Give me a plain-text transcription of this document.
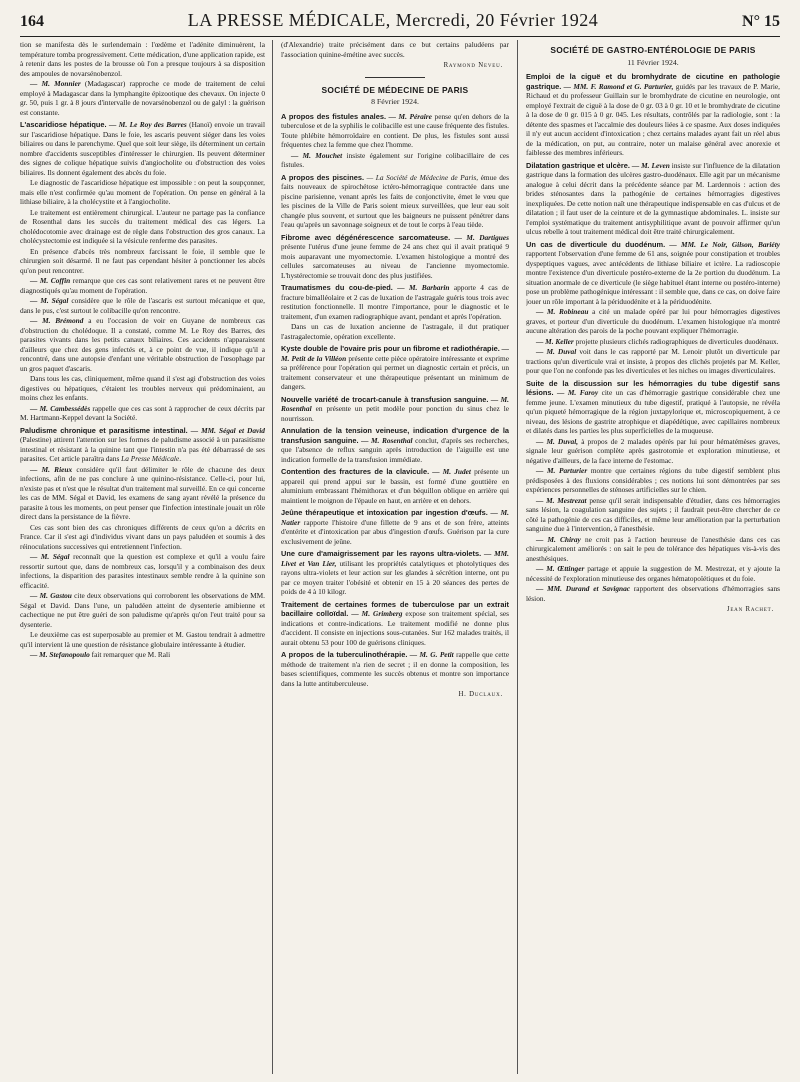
164	LA PRESSE MÉDICALE, Mercredi, 20 Février 1924	N° 15

tion se manifesta dès le surlendemain : l'œdème et l'adénite diminuèrent, la température tomba progressivement. Cette médication, d'une application rapide, est à retenir dans les postes de la brousse où l'on a presque toujours à sa disposition des ampoules de novarsénobenzol.

— M. Monnier (Madagascar) rapproche ce mode de traitement de celui employé à Madagascar dans la lymphangite épizootique des chevaux. On injecte 0 gr. 50, puis 1 gr. à 8 jours d'intervalle de novarsénobenzol ou de galyl : la guérison est constante.

L'ascaridiose hépatique. — M. Le Roy des Barres (Hanoï) envoie un travail sur l'ascaridiose hépatique. Dans le foie, les ascaris peuvent siéger dans les voies biliaires ou dans le parenchyme. Quel que soit leur siège, ils déterminent un certain nombre d'accidents susceptibles d'intéresser le chirurgien. Ils peuvent déterminer des signes de colique hépatique suivis d'angiocholite ou d'obstruction des voies biliaires. Ils donnent également des abcès du foie.

Le diagnostic de l'ascaridiose hépatique est impossible : on peut la soupçonner, mais elle n'est confirmée qu'au moment de l'opération. On pense en général à la lithiase biliaire, à la cholécystite et à l'angiocholite.

Le traitement est entièrement chirurgical. L'auteur ne partage pas la confiance de Rosenthal dans les succès du traitement médical des cas légers. La cholédocotomie avec drainage est de règle dans l'obstruction des gros canaux. La cholécystectomie est indiquée si la vésicule renferme des parasites.

En présence d'abcès très nombreux farcissant le foie, il semble que le chirurgien soit désarmé. Il ne faut pas cependant hésiter à ponctionner les abcès qu'on peut rencontrer.

— M. Coffin remarque que ces cas sont relativement rares et ne peuvent être diagnostiqués qu'au moment de l'opération.

— M. Ségal considère que le rôle de l'ascaris est surtout mécanique et que, dans le pus, c'est surtout le colibacille qu'on rencontre.

— M. Brémond a eu l'occasion de voir en Guyane de nombreux cas d'obstruction du cholédoque. Il a constaté, comme M. Le Roy des Barres, des parasites vivants dans les petits canaux biliaires. Ces accidents n'apparaissent d'ailleurs que chez des gens infectés et, à ce point de vue, il indique qu'il a rencontré, dans une autopsie d'enfant une véritable obstruction de l'œsophage par un gros paquet d'ascaris.

Dans tous les cas, cliniquement, même quand il s'est agi d'obstruction des voies digestives ou hépatiques, c'étaient les troubles nerveux qui prédominaient, au moins chez les enfants.

— M. Cambessédès rappelle que ces cas sont à rapprocher de ceux décrits par M. Hartmann-Keppel devant la Société.

Paludisme chronique et parasitisme intestinal. — MM. Ségal et David (Palestine) attirent l'attention sur les formes de paludisme associé à un parasitisme intestinal et résistant à la quinine tant que l'intestin n'a pas été débarrassé de ses parasites. Cet article paraîtra dans La Presse Médicale.

— M. Rieux considère qu'il faut délimiter le rôle de chacune des deux infections, afin de ne pas conclure à une quinino-résistance. Celle-ci, pour lui, n'existe pas et n'est que le résultat d'un traitement mal surveillé. En ce qui concerne les cas de MM. Ségal et David, les examens de sang ayant révélé la présence du parasite à tous les moments, on peut penser que l'infection intestinale jouait un rôle direct dans la persistance de la fièvre.

Ces cas sont bien des cas chroniques différents de ceux qu'on a décrits en France. Car il s'est agi d'individus vivant dans un pays paludéen et soumis à des réinoculations successives qui entretiennent l'infection.

— M. Ségal reconnaît que la question est complexe et qu'il a voulu faire ressortir surtout que, dans de nombreux cas, lorsqu'il y a combinaison des deux infections, la disparition des parasites intestinaux semble rendre à la quinine son efficacité.

— M. Gastou cite deux observations qui corroborent les observations de MM. Ségal et David. Dans l'une, un paludéen atteint de dysenterie amibienne et cachectique ne put être guéri de son paludisme qu'après qu'on l'eut traité pour sa dysenterie.

Le deuxième cas est superposable au premier et M. Gastou tendrait à admettre qu'il intervient là une question de résistance globulaire intéressante à étudier.

— M. Stefanopoulo fait remarquer que M. Rali

(d'Alexandrie) traite précisément dans ce but certains paludéens par l'association quinine-émétine avec succès.

Raymond Neveu.
SOCIÉTÉ DE MÉDECINE DE PARIS
8 Février 1924.

A propos des fistules anales. — M. Péraire pense qu'en dehors de la tuberculose et de la syphilis le colibacille est une cause fréquente des fistules. Toute phlébite hémorroïdaire en contient. De plus, les fistules sont aussi fréquentes chez la femme que chez l'homme.

— M. Mouchet insiste également sur l'origine colibacillaire de ces fistules.

A propos des piscines. — La Société de Médecine de Paris, émue des faits nouveaux de spirochétose ictéro-hémorragique contractée dans une piscine parisienne, venant après les faits de conjonctivite, émet le vœu que les piscines de la Ville de Paris soient mieux surveillées, que leur eau soit changée plus souvent, et surtout que les baigneurs ne puissent pénétrer dans l'eau qu'après un savonnage soigneux et de tout le corps à l'eau tiède.

Fibrome avec dégénérescence sarcomateuse. — M. Dartigues présente l'utérus d'une jeune femme de 24 ans chez qui il avait pratiqué 9 mois auparavant une myomectomie. L'examen histologique a montré des cellules sarcomateuses au niveau de l'ancienne myomectomie. L'hystérectomie se trouvait donc des plus justifiées.

Traumatismes du cou-de-pied. — M. Barbarin apporte 4 cas de fracture bimalléolaire et 2 cas de luxation de l'astragale guéris tous trois avec restitution fonctionnelle. Il montre l'importance, pour le diagnostic et le traitement, d'un examen radiographique avant, pendant et après l'opération.

Dans un cas de luxation ancienne de l'astragale, il dut pratiquer l'astragalectomie, opération excellente.

Kyste double de l'ovaire pris pour un fibrome et radiothérapie. — M. Petit de la Villéon présente cette pièce opératoire intéressante et exprime sa préférence pour l'opération qui permet un diagnostic certain et précis, un traitement conservateur et une thérapeutique présentant un minimum de dangers.

Nouvelle variété de trocart-canule à transfusion sanguine. — M. Rosenthal en présente un petit modèle pour ponction du sinus chez le nourrisson.

Annulation de la tension veineuse, indication d'urgence de la transfusion sanguine. — M. Rosenthal conclut, d'après ses recherches, que l'absence de reflux sanguin après introduction de l'aiguille est une indication formelle de la transfusion immédiate.

Contention des fractures de la clavicule. — M. Judet présente un appareil qui prend appui sur le bassin, est formé d'une gouttière en aluminium embrassant l'hémithorax et d'un béquillon oblique en arrière qui maintient le moignon de l'épaule en haut, en arrière et en dehors.

Jeûne thérapeutique et intoxication par ingestion d'œufs. — M. Natier rapporte l'histoire d'une fillette de 9 ans et de son frère, atteints d'entérite et d'intoxication par abus d'ingestion d'œufs. Guérison par la cure exclusivement de jeûne.

Une cure d'amaigrissement par les rayons ultra-violets. — MM. Livet et Van Lier, utilisant les propriétés catalytiques et photolytiques des rayons ultra-violets et leur action sur les glandes à sécrétion interne, ont pu par ce moyen traiter l'obésité et obtenir en 15 à 20 séances des pertes de poids de 4 à 10 kilogr.

Traitement de certaines formes de tuberculose par un extrait bacillaire colloïdal. — M. Grimberg expose son traitement spécial, ses indications et contre-indications. Le traitement modifié ne donne plus d'accident. Il consiste en injections sous-cutanées. Sur 162 malades traités, il aurait obtenu 53 pour 100 de guérisons cliniques.

A propos de la tuberculinothérapie. — M. G. Petit rappelle que cette méthode de traitement n'a rien de secret ; il en donne la composition, les bases scientifiques, commente les succès obtenus et montre son importance dans la lutte antituberculeuse.

H. Duclaux.
SOCIÉTÉ DE GASTRO-ENTÉROLOGIE DE PARIS
11 Février 1924.

Emploi de la ciguë et du bromhydrate de cicutine en pathologie gastrique. — MM. F. Ramond et G. Parturier, guidés par les travaux de P. Marie, Richaud et du professeur Guillain sur le bromhydrate de cicutine en neurologie, ont employé l'extrait de ciguë à la dose de 0 gr. 03 à 0 gr. 10 et le bromhydrate de cicutine à la dose de 0 gr. 015 à 0 gr. 045. Les résultats, contrôlés par la radiologie, sont : la détente des spasmes et l'accalmie des douleurs liées à ce spasme. Aux doses indiquées il n'y eut aucun accident d'intoxication ; chez certains malades ayant fait un réel abus de la médication, on put, au contraire, noter un malaise général avec anorexie et faiblesse des membres inférieurs.

Dilatation gastrique et ulcère. — M. Leven insiste sur l'influence de la dilatation gastrique dans la formation des ulcères gastro-duodénaux. Elle agit par un mécanisme analogue à celui décrit dans la précédente séance par M. Lardennois : action des brides sténosantes dans la pathogénie de certaines hémorragies digestives inexpliquées. De cette notion naît une thérapeutique indispensable en cas d'ulcus et de dilatation ; il faut user de la ceinture et de la gymnastique abdominales. L. insiste sur l'emploi systématique du traitement antisyphilitique avant de pouvoir affirmer qu'un ulcus rebelle à tout traitement médical doit être traité chirurgicalement.

Un cas de diverticule du duodénum. — MM. Le Noir, Gilson, Bariéty rapportent l'observation d'une femme de 61 ans, soignée pour constipation et troubles dyspeptiques vagues, avec antécédents de lithiase biliaire et ictère. La radioscopie montre l'existence d'un diverticule postéro-externe de la 2e portion du duodénum. La situation anormale de ce diverticule (le siège habituel étant interne ou postéro-interne) pose un problème pathogénique intéressant : il semble que, dans ce cas, on doive faire jouer un rôle important à la périduodénite et à la périduodénite.

— M. Robineau a cité un malade opéré par lui pour hémorragies digestives graves, et porteur d'un diverticule du duodénum. L'examen histologique n'a montré aucune altération des parois de la poche pouvant expliquer l'hémorragie.

— M. Keller projette plusieurs clichés radiographiques de diverticules duodénaux.

— M. Duval voit dans le cas rapporté par M. Lenoir plutôt un diverticule par tractions qu'un diverticule vrai et insiste, à propos des clichés projetés par M. Keller, pour que l'on ne confonde pas les diverticules et les niches ou images diverticulaires.

Suite de la discussion sur les hémorragies du tube digestif sans lésions. — M. Faroy cite un cas d'hémorragie gastrique considérable chez une femme jeune. L'examen minutieux du tube digestif, pratiqué à l'autopsie, ne révéla qu'un piqueté hémorragique de la région juxtapylorique et, microscopiquement, à ce niveau, des lésions de gastrite atrophique et diapédétique, avec capillaires nombreux et dilatés dans les parties les plus superficielles de la muqueuse.

— M. Duval, à propos de 2 malades opérés par lui pour hématémèses graves, signale leur guérison complète après gastrotomie et exploration minutieuse, et négative d'ailleurs, de la face interne de l'estomac.

— M. Parturier montre que certaines régions du tube digestif semblent plus prédisposées à des fluxions considérables ; ces notions lui sont démontrées par ses expériences personnelles de sténoses artificielles sur le chien.

— M. Mestrezat pense qu'il serait indispensable d'étudier, dans ces hémorragies sans lésion, la coagulation sanguine des sujets ; il faudrait peut-être chercher de ce côté la pathogénie de ces cas difficiles, et même leur amélioration par la perturbation sanguine due à l'intervention, à l'anesthésie.

— M. Chiray ne croit pas à l'action heureuse de l'anesthésie dans ces cas chirurgicalement améliorés : on sait le peu de tolérance des hépatiques vis-à-vis des anesthésiques.

— M. Œttinger partage et appuie la suggestion de M. Mestrezat, et y ajoute la nécessité de l'exploration minutieuse des organes hématopoïétiques et du foie.

— MM. Durand et Savignac rapportent des observations d'hémorragies sans lésion.

Jean Rachet.
